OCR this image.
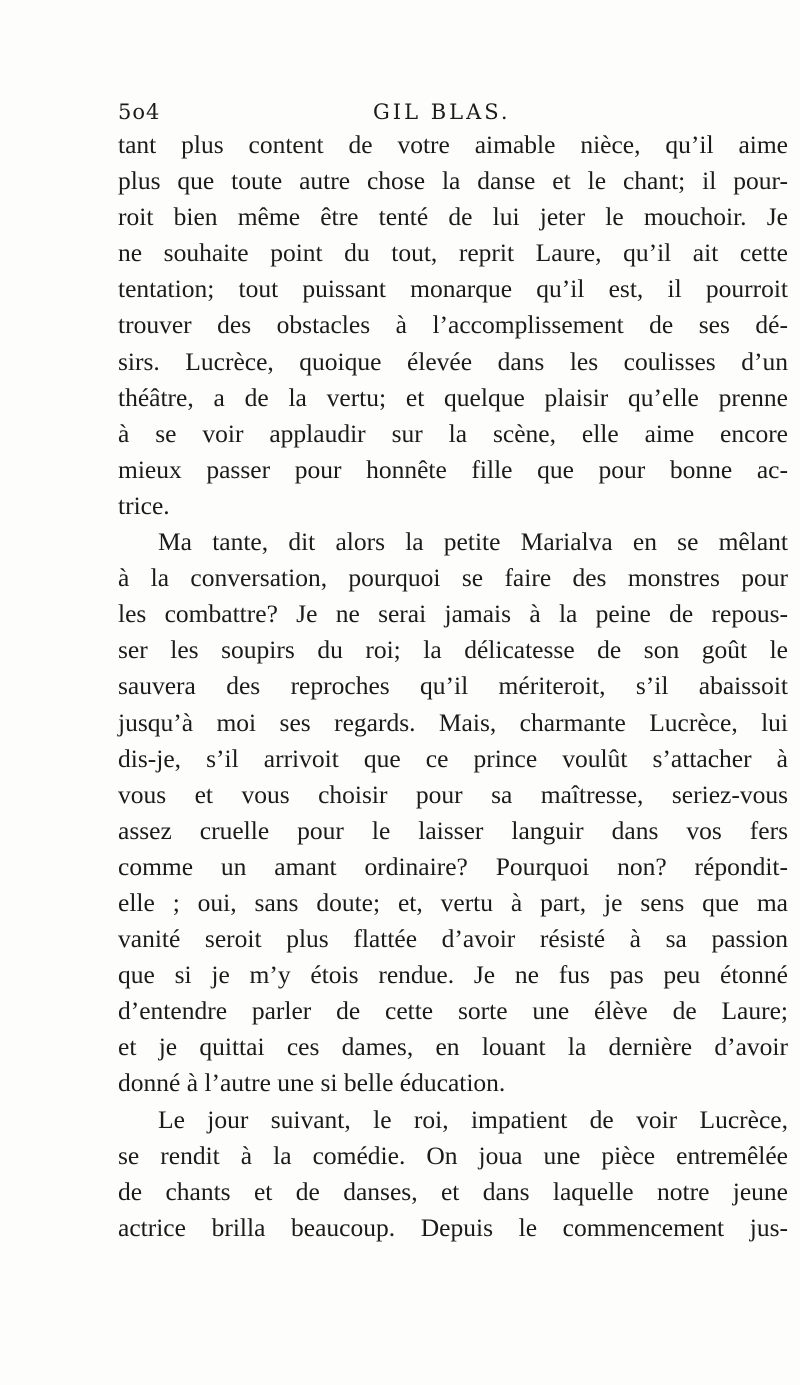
5o4	GIL BLAS.
tant plus content de votre aimable nièce, qu’il aime
plus que toute autre chose la danse et le chant; il pour-
roit bien même être tenté de lui jeter le mouchoir. Je
ne souhaite point du tout, reprit Laure, qu’il ait cette
tentation; tout puissant monarque qu’il est, il pourroit
trouver des obstacles à l’accomplissement de ses dé-
sirs. Lucrèce, quoique élevée dans les coulisses d’un
théâtre, a de la vertu; et quelque plaisir qu’elle prenne
à se voir applaudir sur la scène, elle aime encore
mieux passer pour honnête fille que pour bonne ac-
trice.
Ma tante, dit alors la petite Marialva en se mêlant
à la conversation, pourquoi se faire des monstres pour
les combattre? Je ne serai jamais à la peine de repous-
ser les soupirs du roi; la délicatesse de son goût le
sauvera des reproches qu’il mériteroit, s’il abaissoit
jusqu’à moi ses regards. Mais, charmante Lucrèce, lui
dis-je, s’il arrivoit que ce prince voulût s’attacher à
vous et vous choisir pour sa maîtresse, seriez-vous
assez cruelle pour le laisser languir dans vos fers
comme un amant ordinaire? Pourquoi non? répondit-
elle ; oui, sans doute; et, vertu à part, je sens que ma
vanité seroit plus flattée d’avoir résisté à sa passion
que si je m’y étois rendue. Je ne fus pas peu étonné
d’entendre parler de cette sorte une élève de Laure;
et je quittai ces dames, en louant la dernière d’avoir
donné à l’autre une si belle éducation.
Le jour suivant, le roi, impatient de voir Lucrèce,
se rendit à la comédie. On joua une pièce entremêlée
de chants et de danses, et dans laquelle notre jeune
actrice brilla beaucoup. Depuis le commencement jus-
